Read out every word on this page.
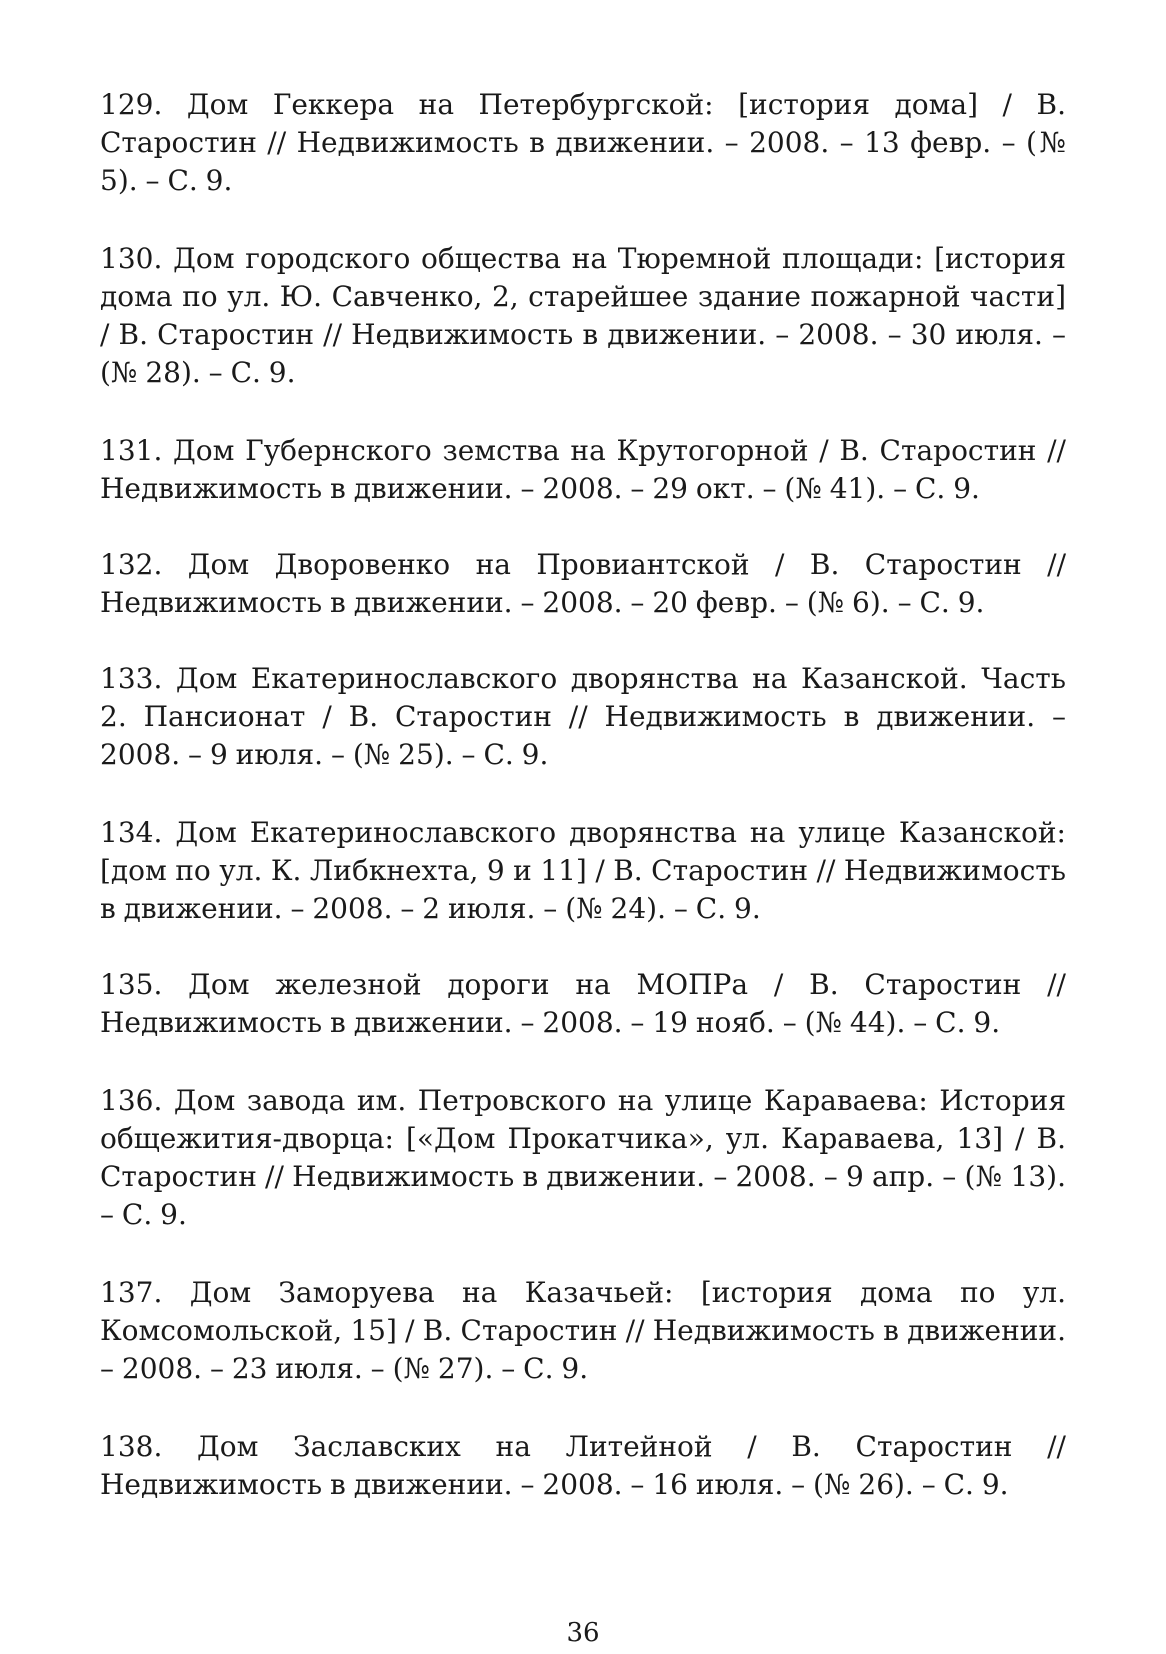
129. Дом Геккера на Петербургской: [история дома] / В. Старостин // Недвижимость в движении. – 2008. – 13 февр. – (№ 5). – С. 9.

130. Дом городского общества на Тюремной площади: [история дома по ул. Ю. Савченко, 2, старейшее здание пожарной части] / В. Старостин // Недвижимость в движении. – 2008. – 30 июля. – (№ 28). – С. 9.

131. Дом Губернского земства на Крутогорной / В. Старостин // Недвижимость в движении. – 2008. – 29 окт. – (№ 41). – С. 9.

132. Дом Дворовенко на Провиантской / В. Старостин // Недвижимость в движении. – 2008. – 20 февр. – (№ 6). – С. 9.

133. Дом Екатеринославского дворянства на Казанской. Часть 2. Пансионат / В. Старостин // Недвижимость в движении. – 2008. – 9 июля. – (№ 25). – С. 9.

134. Дом Екатеринославского дворянства на улице Казанской: [дом по ул. К. Либкнехта, 9 и 11] / В. Старостин // Недвижимость в движении. – 2008. – 2 июля. – (№ 24). – С. 9.

135. Дом железной дороги на МОПРа / В. Старостин // Недвижимость в движении. – 2008. – 19 нояб. – (№ 44). – С. 9.

136. Дом завода им. Петровского на улице Караваева: История общежития-дворца: [«Дом Прокатчика», ул. Караваева, 13] / В. Старостин // Недвижимость в движении. – 2008. – 9 апр. – (№ 13). – С. 9.

137. Дом Заморуева на Казачьей: [история дома по ул. Комсомольской, 15] / В. Старостин // Недвижимость в движении. – 2008. – 23 июля. – (№ 27). – С. 9.

138. Дом Заславских на Литейной / В. Старостин // Недвижимость в движении. – 2008. – 16 июля. – (№ 26). – С. 9.

36
